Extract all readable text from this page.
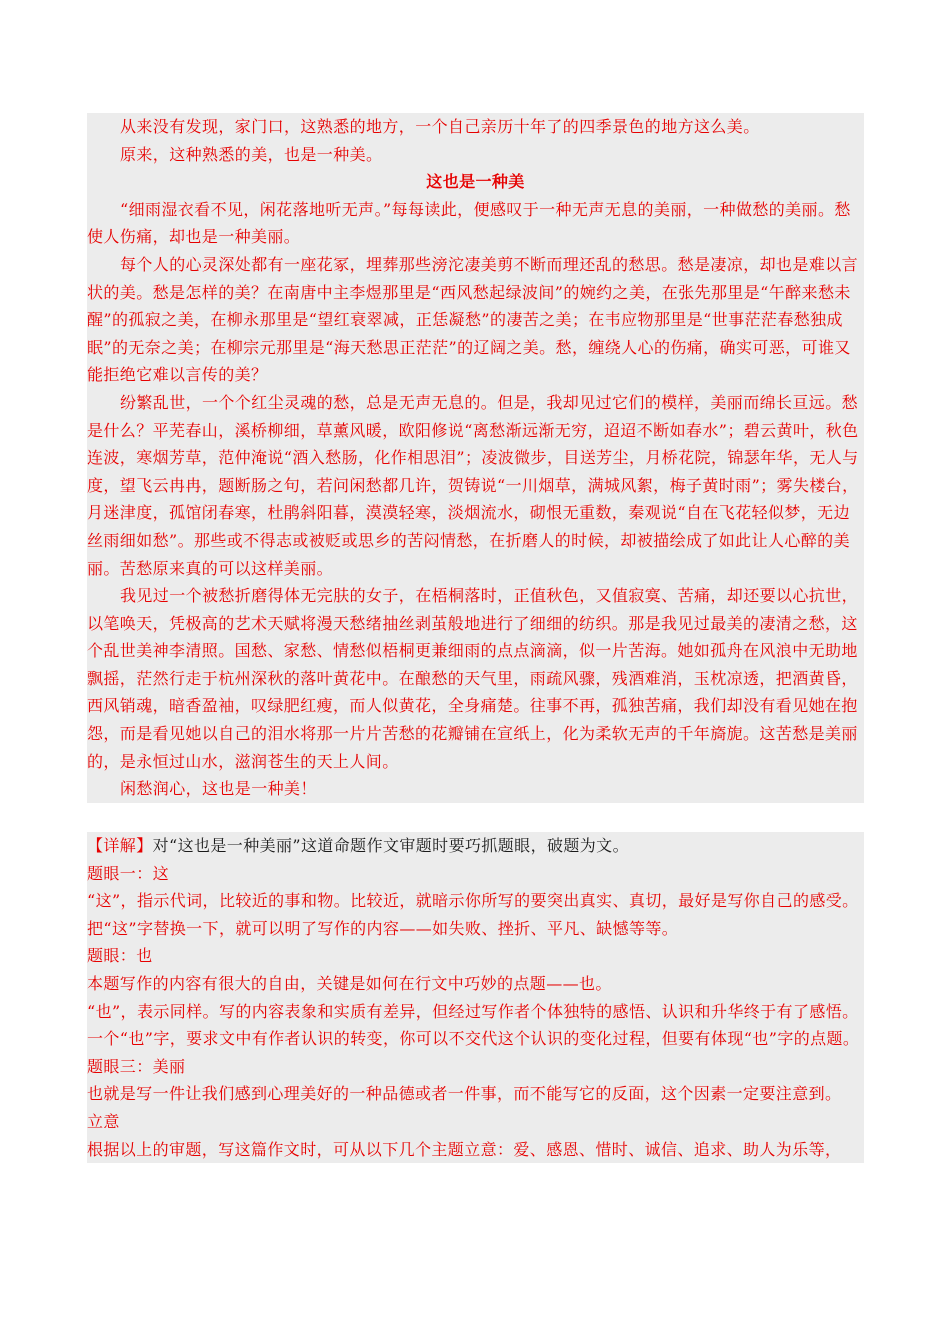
从来没有发现，家门口，这熟悉的地方，一个自己亲历十年了的四季景色的地方这么美。

原来，这种熟悉的美，也是一种美。

这也是一种美

“细雨湿衣看不见，闲花落地听无声。”每每读此，便感叹于一种无声无息的美丽，一种做愁的美丽。愁使人伤痛，却也是一种美丽。

每个人的心灵深处都有一座花冢，埋葬那些滂沱凄美剪不断而理还乱的愁思。愁是凄凉，却也是难以言状的美。愁是怎样的美？在南唐中主李煜那里是“西风愁起绿波间”的婉约之美，在张先那里是“午醉来愁未醒”的孤寂之美，在柳永那里是“望红衰翠减，正恁凝愁”的凄苦之美；在韦应物那里是“世事茫茫春愁独成眠”的无奈之美；在柳宗元那里是“海天愁思正茫茫”的辽阔之美。愁，缠绕人心的伤痛，确实可恶，可谁又能拒绝它难以言传的美？

纷繁乱世，一个个红尘灵魂的愁，总是无声无息的。但是，我却见过它们的模样，美丽而绵长亘远。愁是什么？平芜春山，溪桥柳细，草薰风暖，欧阳修说“离愁渐远渐无穷，迢迢不断如春水”；碧云黄叶，秋色连波，寒烟芳草，范仲淹说“酒入愁肠，化作相思泪”；凌波微步，目送芳尘，月桥花院，锦瑟年华，无人与度，望飞云冉冉，题断肠之句，若问闲愁都几许，贺铸说“一川烟草，满城风絮，梅子黄时雨”；雾失楼台，月迷津度，孤馆闭春寒，杜鹃斜阳暮，漠漠轻寒，淡烟流水，砌恨无重数，秦观说“自在飞花轻似梦，无边丝雨细如愁”。那些或不得志或被贬或思乡的苦闷情愁，在折磨人的时候，却被描绘成了如此让人心醉的美丽。苦愁原来真的可以这样美丽。

我见过一个被愁折磨得体无完肤的女子，在梧桐落时，正值秋色，又值寂寞、苦痛，却还要以心抗世，以笔唤天，凭极高的艺术天赋将漫天愁绪抽丝剥茧般地进行了细细的纺织。那是我见过最美的凄清之愁，这个乱世美神李清照。国愁、家愁、情愁似梧桐更兼细雨的点点滴滴，似一片苦海。她如孤舟在风浪中无助地飘摇，茫然行走于杭州深秋的落叶黄花中。在酿愁的天气里，雨疏风骤，残酒难消，玉枕凉透，把酒黄昏，西风销魂，暗香盈袖，叹绿肥红瘦，而人似黄花，全身痛楚。往事不再，孤独苦痛，我们却没有看见她在抱怨，而是看见她以自己的泪水将那一片片苦愁的花瓣铺在宣纸上，化为柔软无声的千年旖旎。这苦愁是美丽的，是永恒过山水，滋润苍生的天上人间。

闲愁润心，这也是一种美！

【详解】对“这也是一种美丽”这道命题作文审题时要巧抓题眼，破题为文。

题眼一：这

“这”，指示代词，比较近的事和物。比较近，就暗示你所写的要突出真实、真切，最好是写你自己的感受。把“这”字替换一下，就可以明了写作的内容——如失败、挫折、平凡、缺憾等等。

题眼：也

本题写作的内容有很大的自由，关键是如何在行文中巧妙的点题——也。

“也”，表示同样。写的内容表象和实质有差异，但经过写作者个体独特的感悟、认识和升华终于有了感悟。一个“也”字，要求文中有作者认识的转变，你可以不交代这个认识的变化过程，但要有体现“也”字的点题。

题眼三：美丽

也就是写一件让我们感到心理美好的一种品德或者一件事，而不能写它的反面，这个因素一定要注意到。

立意

根据以上的审题，写这篇作文时，可从以下几个主题立意：爱、感恩、惜时、诚信、追求、助人为乐等，
